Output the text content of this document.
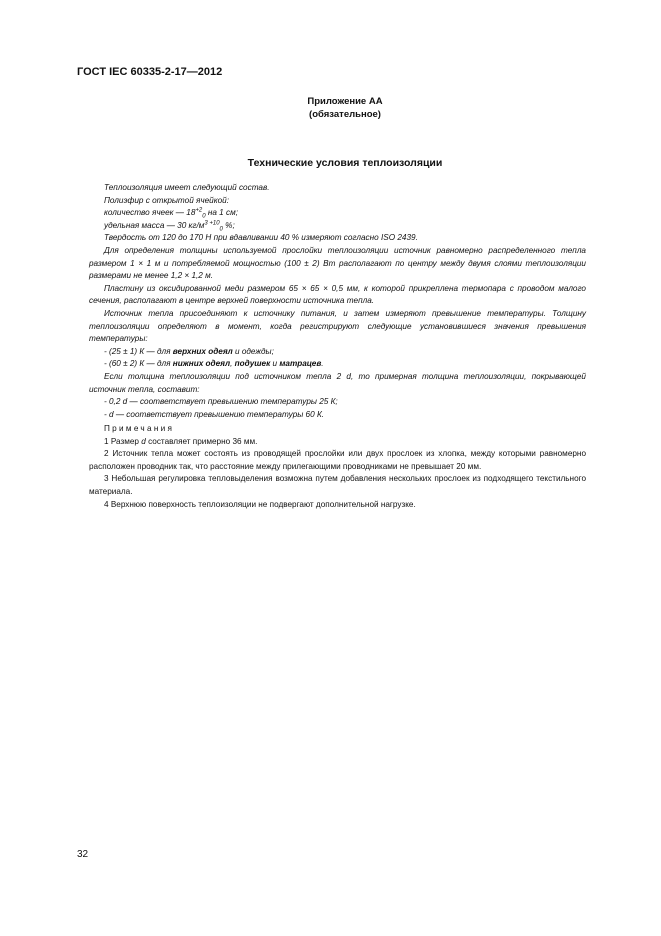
ГОСТ IEC 60335-2-17—2012
Приложение АА
(обязательное)
Технические условия теплоизоляции

Теплоизоляция имеет следующий состав.

Полиэфир с открытой ячейкой:

количество ячеек — $18^{+2}_0$ на 1 см;

удельная масса — 30 $кг/м^{3 +10}_0$ %;

Твердость от 120 до 170 Н при вдавливании 40 % измеряют согласно ISO 2439.

Для определения толщины используемой прослойки теплоизоляции источник равномерно распределенного тепла размером 1 × 1 м и потребляемой мощностью (100 ± 2) Вт располагают по центру между двумя слоями теплоизоляции размерами не менее 1,2 × 1,2 м.

Пластину из оксидированной меди размером 65 × 65 × 0,5 мм, к которой прикреплена термопара с проводом малого сечения, располагают в центре верхней поверхности источника тепла.

Источник тепла присоединяют к источнику питания, и затем измеряют превышение температуры. Толщину теплоизоляции определяют в момент, когда регистрируют следующие установившиеся значения превышения температуры:

- (25 ± 1) К — для верхних одеял и одежды;

- (60 ± 2) К — для нижних одеял, подушек и матрацев.

Если толщина теплоизоляции под источником тепла 2 d, то примерная толщина теплоизоляции, покрывающей источник тепла, составит:

- 0,2 d — соответствует превышению температуры 25 К;

- d — соответствует превышению температуры 60 К.

Примечания

1 Размер d составляет примерно 36 мм.

2 Источник тепла может состоять из проводящей прослойки или двух прослоек из хлопка, между которыми равномерно расположен проводник так, что расстояние между прилегающими проводниками не превышает 20 мм.

3 Небольшая регулировка тепловыделения возможна путем добавления нескольких прослоек из подходящего текстильного материала.

4 Верхнюю поверхность теплоизоляции не подвергают дополнительной нагрузке.

32
